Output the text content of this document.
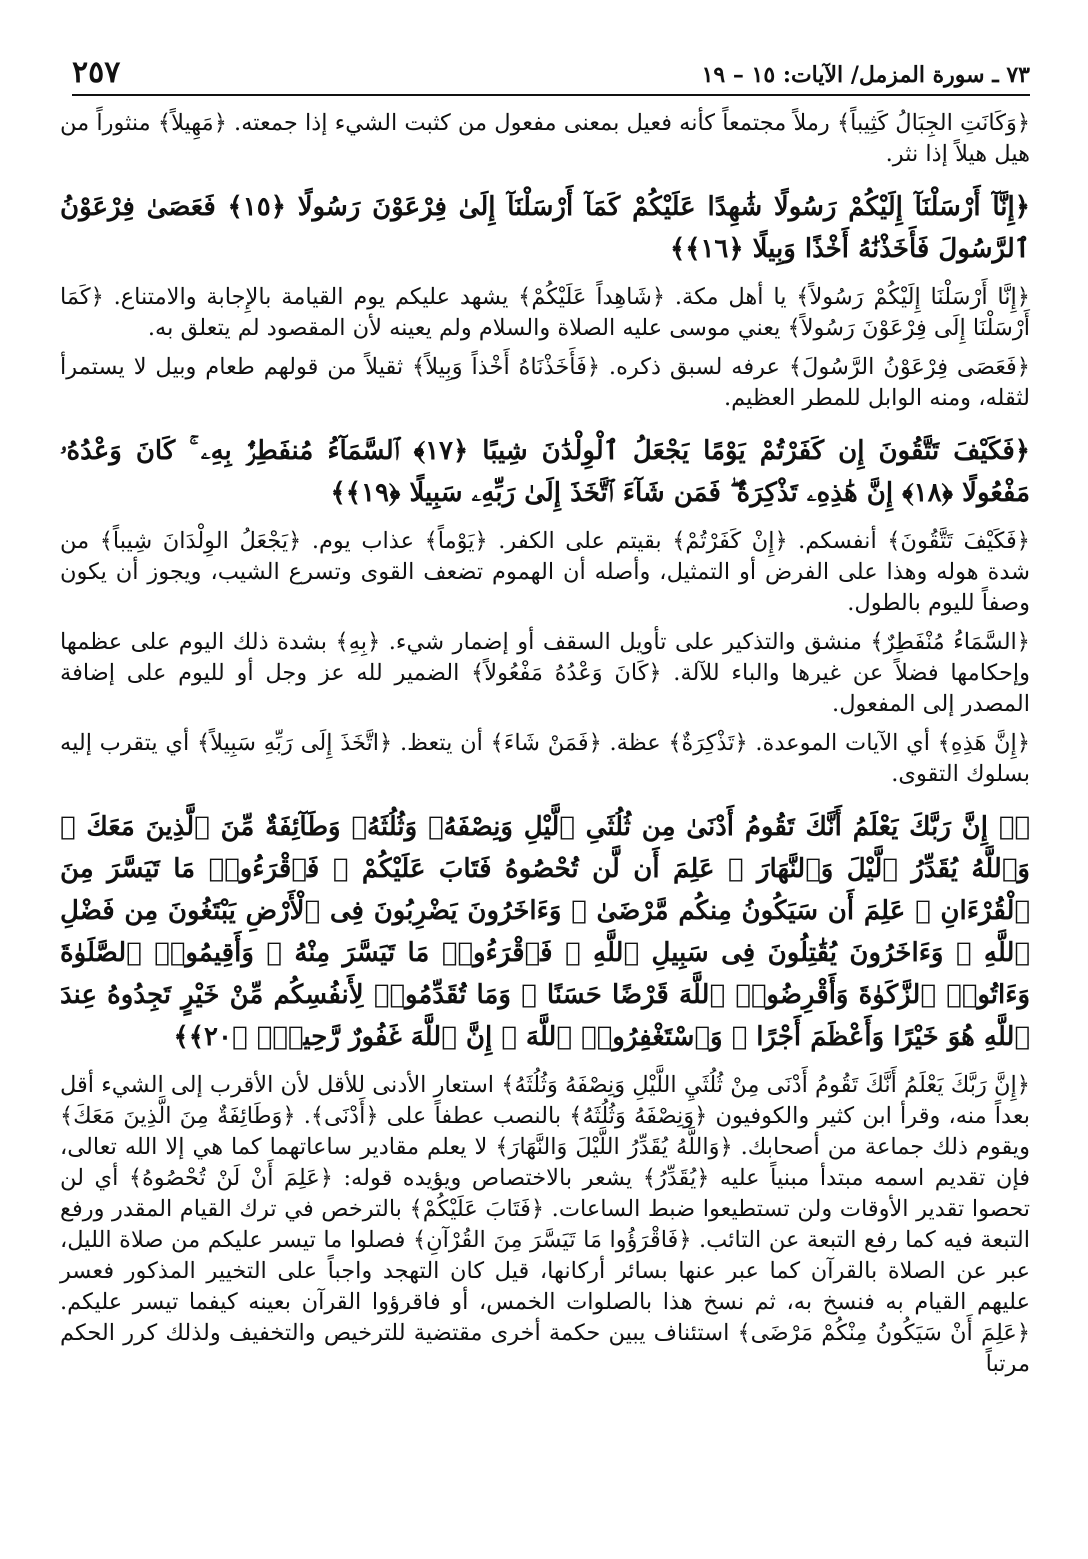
٧٣ ـ سورة المزمل/ الآيات: ١٥ – ١٩
٢٥٧

﴿وَكَانَتِ الجِبَالُ كَثِيباً﴾ رملاً مجتمعاً كأنه فعيل بمعنى مفعول من كثبت الشيء إذا جمعته. ﴿مَهِيلاً﴾ منثوراً من هيل هيلاً إذا نثر.

﴿إِنَّآ أَرْسَلْنَآ إِلَيْكُمْ رَسُولًا شَٰهِدًا عَلَيْكُمْ كَمَآ أَرْسَلْنَآ إِلَىٰ فِرْعَوْنَ رَسُولًا ﴿١٥﴾ فَعَصَىٰ فِرْعَوْنُ ٱلرَّسُولَ فَأَخَذْنَٰهُ أَخْذًا وَبِيلًا ﴿١٦﴾﴾

﴿إِنَّا أَرْسَلْنَا إِلَيْكُمْ رَسُولاً﴾ يا أهل مكة. ﴿شَاهِداً عَلَيْكُمْ﴾ يشهد عليكم يوم القيامة بالإِجابة والامتناع. ﴿كَمَا أَرْسَلْنَا إِلَى فِرْعَوْنَ رَسُولاً﴾ يعني موسى عليه الصلاة والسلام ولم يعينه لأن المقصود لم يتعلق به.

﴿فَعَصَى فِرْعَوْنُ الرَّسُولَ﴾ عرفه لسبق ذكره. ﴿فَأَخَذْنَاهُ أَخْذاً وَبِيلاً﴾ ثقيلاً من قولهم طعام وبيل لا يستمرأ لثقله، ومنه الوابل للمطر العظيم.

﴿فَكَيْفَ تَتَّقُونَ إِن كَفَرْتُمْ يَوْمًا يَجْعَلُ ٱلْوِلْدَٰنَ شِيبًا ﴿١٧﴾ ٱلسَّمَآءُ مُنفَطِرٌۢ بِهِۦ ۚ كَانَ وَعْدُهُۥ مَفْعُولًا ﴿١٨﴾ إِنَّ هَٰذِهِۦ تَذْكِرَةٌ ۖ فَمَن شَآءَ ٱتَّخَذَ إِلَىٰ رَبِّهِۦ سَبِيلًا ﴿١٩﴾﴾

﴿فَكَيْفَ تَتَّقُونَ﴾ أنفسكم. ﴿إِنْ كَفَرْتُمْ﴾ بقيتم على الكفر. ﴿يَوْماً﴾ عذاب يوم. ﴿يَجْعَلُ الوِلْدَانَ شِيباً﴾ من شدة هوله وهذا على الفرض أو التمثيل، وأصله أن الهموم تضعف القوى وتسرع الشيب، ويجوز أن يكون وصفاً لليوم بالطول.

﴿السَّمَاءُ مُنْفَطِرٌ﴾ منشق والتذكير على تأويل السقف أو إضمار شيء. ﴿بِهِ﴾ بشدة ذلك اليوم على عظمها وإحكامها فضلاً عن غيرها والباء للآلة. ﴿كَانَ وَعْدُهُ مَفْعُولاً﴾ الضمير لله عز وجل أو لليوم على إضافة المصدر إلى المفعول.

﴿إِنَّ هَذِهِ﴾ أي الآيات الموعدة. ﴿تَذْكِرَةٌ﴾ عظة. ﴿فَمَنْ شَاءَ﴾ أن يتعظ. ﴿اتَّخَذَ إِلَى رَبِّهِ سَبِيلاً﴾ أي يتقرب إليه بسلوك التقوى.

﴿۞ إِنَّ رَبَّكَ يَعْلَمُ أَنَّكَ تَقُومُ أَدْنَىٰ مِن ثُلُثَىِ ٱلَّيْلِ وَنِصْفَهُۥ وَثُلُثَهُۥ وَطَآئِفَةٌ مِّنَ ٱلَّذِينَ مَعَكَ ۚ وَٱللَّهُ يُقَدِّرُ ٱلَّيْلَ وَٱلنَّهَارَ ۚ عَلِمَ أَن لَّن تُحْصُوهُ فَتَابَ عَلَيْكُمْ ۖ فَٱقْرَءُوا۟ مَا تَيَسَّرَ مِنَ ٱلْقُرْءَانِ ۚ عَلِمَ أَن سَيَكُونُ مِنكُم مَّرْضَىٰ ۙ وَءَاخَرُونَ يَضْرِبُونَ فِى ٱلْأَرْضِ يَبْتَغُونَ مِن فَضْلِ ٱللَّهِ ۙ وَءَاخَرُونَ يُقَٰتِلُونَ فِى سَبِيلِ ٱللَّهِ ۖ فَٱقْرَءُوا۟ مَا تَيَسَّرَ مِنْهُ ۚ وَأَقِيمُوا۟ ٱلصَّلَوٰةَ وَءَاتُوا۟ ٱلزَّكَوٰةَ وَأَقْرِضُوا۟ ٱللَّهَ قَرْضًا حَسَنًا ۚ وَمَا تُقَدِّمُوا۟ لِأَنفُسِكُم مِّنْ خَيْرٍ تَجِدُوهُ عِندَ ٱللَّهِ هُوَ خَيْرًا وَأَعْظَمَ أَجْرًا ۚ وَٱسْتَغْفِرُوا۟ ٱللَّهَ ۖ إِنَّ ٱللَّهَ غَفُورٌ رَّحِيمٌۢ ﴿٢٠﴾﴾

﴿إِنَّ رَبَّكَ يَعْلَمُ أَنَّكَ تَقُومُ أَدْنَى مِنْ ثُلُثَيِ اللَّيْلِ وَنِصْفَهُ وَثُلُثَهُ﴾ استعار الأدنى للأقل لأن الأقرب إلى الشيء أقل بعداً منه، وقرأ ابن كثير والكوفيون ﴿وَنِصْفَهُ وَثُلُثَهُ﴾ بالنصب عطفاً على ﴿أَدْنَى﴾. ﴿وَطَائِفَةٌ مِنَ الَّذِينَ مَعَكَ﴾ ويقوم ذلك جماعة من أصحابك. ﴿وَاللَّهُ يُقَدِّرُ اللَّيْلَ وَالنَّهَارَ﴾ لا يعلم مقادير ساعاتهما كما هي إلا الله تعالى، فإن تقديم اسمه مبتدأ مبنياً عليه ﴿يُقَدِّرُ﴾ يشعر بالاختصاص ويؤيده قوله: ﴿عَلِمَ أَنْ لَنْ تُحْصُوهُ﴾ أي لن تحصوا تقدير الأوقات ولن تستطيعوا ضبط الساعات. ﴿فَتَابَ عَلَيْكُمْ﴾ بالترخص في ترك القيام المقدر ورفع التبعة فيه كما رفع التبعة عن التائب. ﴿فَاقْرَؤُوا مَا تَيَسَّرَ مِنَ القُرْآنِ﴾ فصلوا ما تيسر عليكم من صلاة الليل، عبر عن الصلاة بالقرآن كما عبر عنها بسائر أركانها، قيل كان التهجد واجباً على التخيير المذكور فعسر عليهم القيام به فنسخ به، ثم نسخ هذا بالصلوات الخمس، أو فاقرؤوا القرآن بعينه كيفما تيسر عليكم. ﴿عَلِمَ أَنْ سَيَكُونُ مِنْكُمْ مَرْضَى﴾ استئناف يبين حكمة أخرى مقتضية للترخيص والتخفيف ولذلك كرر الحكم مرتباً
